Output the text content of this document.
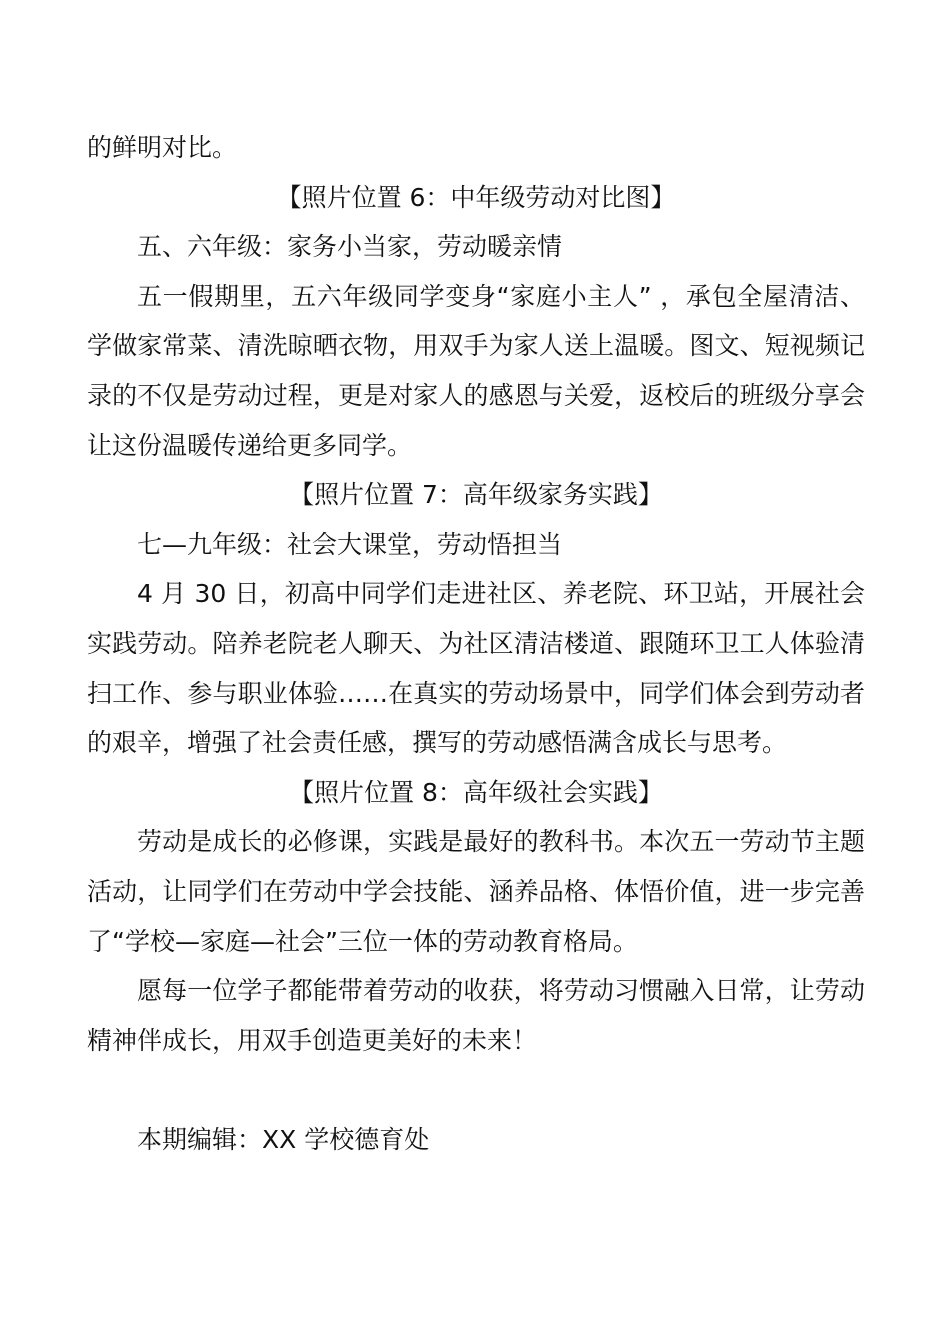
的鲜明对比。

【照片位置 6：中年级劳动对比图】

五、六年级：家务小当家，劳动暖亲情

五一假期里，五六年级同学变身“家庭小主人” ，承包全屋清洁、学做家常菜、清洗晾晒衣物，用双手为家人送上温暖。图文、短视频记录的不仅是劳动过程，更是对家人的感恩与关爱，返校后的班级分享会让这份温暖传递给更多同学。

【照片位置 7：高年级家务实践】

七—九年级：社会大课堂，劳动悟担当

4 月 30 日，初高中同学们走进社区、养老院、环卫站，开展社会实践劳动。陪养老院老人聊天、为社区清洁楼道、跟随环卫工人体验清扫工作、参与职业体验……在真实的劳动场景中，同学们体会到劳动者的艰辛，增强了社会责任感，撰写的劳动感悟满含成长与思考。

【照片位置 8：高年级社会实践】

劳动是成长的必修课，实践是最好的教科书。本次五一劳动节主题活动，让同学们在劳动中学会技能、涵养品格、体悟价值，进一步完善了“学校—家庭—社会”三位一体的劳动教育格局。

愿每一位学子都能带着劳动的收获，将劳动习惯融入日常，让劳动精神伴成长，用双手创造更美好的未来！

本期编辑：XX 学校德育处
